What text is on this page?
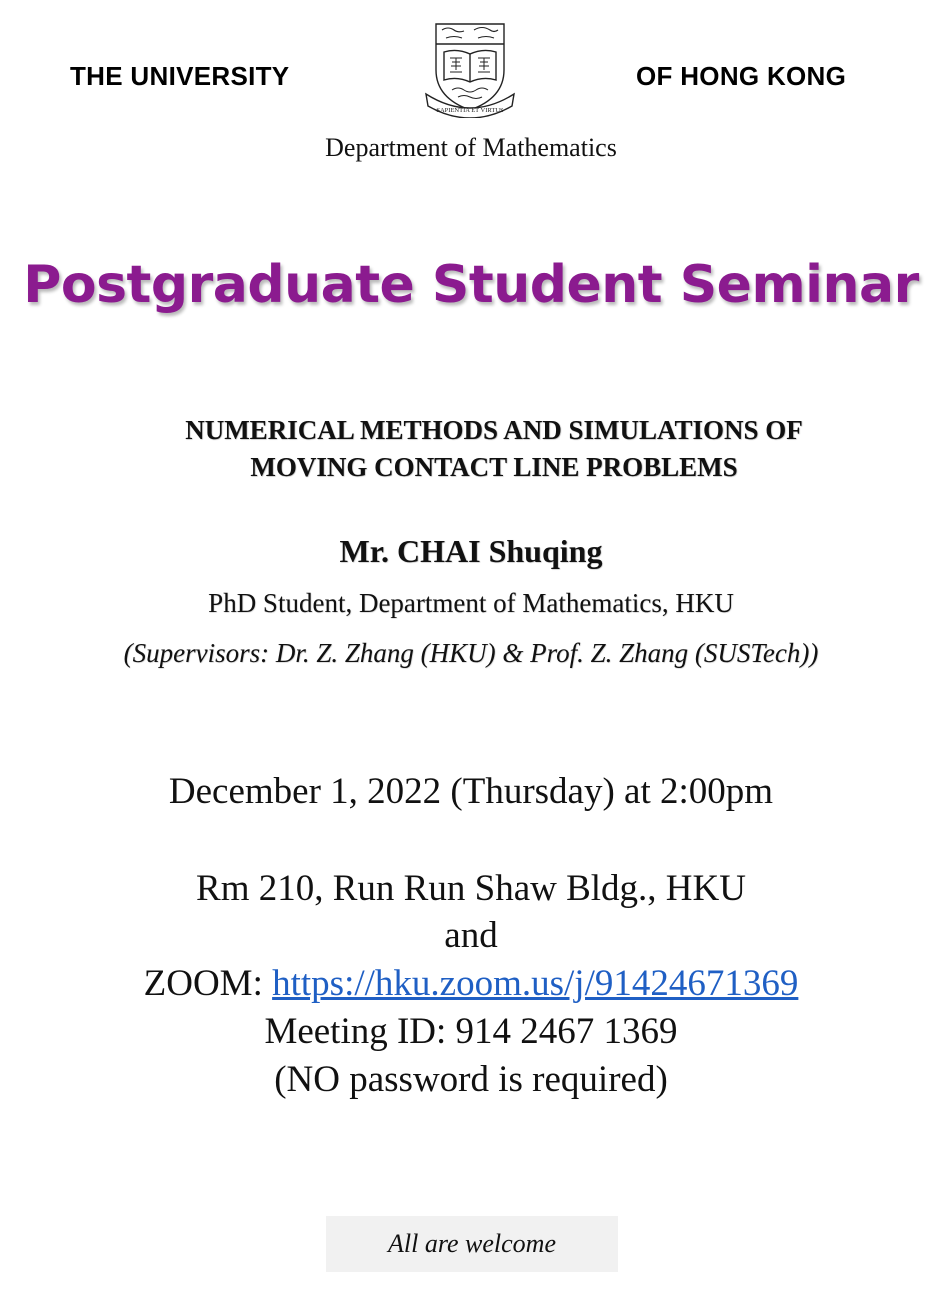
THE UNIVERSITY
SAPIENTIA ET VIRTUS
OF HONG KONG
Department of Mathematics
Postgraduate Student Seminar
NUMERICAL METHODS AND SIMULATIONS OF
MOVING CONTACT LINE PROBLEMS
Mr. CHAI Shuqing
PhD Student, Department of Mathematics, HKU
(Supervisors: Dr. Z. Zhang (HKU) & Prof. Z. Zhang (SUSTech))
December 1, 2022 (Thursday) at 2:00pm
Rm 210, Run Run Shaw Bldg., HKU
and
ZOOM: https://hku.zoom.us/j/91424671369
Meeting ID: 914 2467 1369
(NO password is required)
All are welcome
